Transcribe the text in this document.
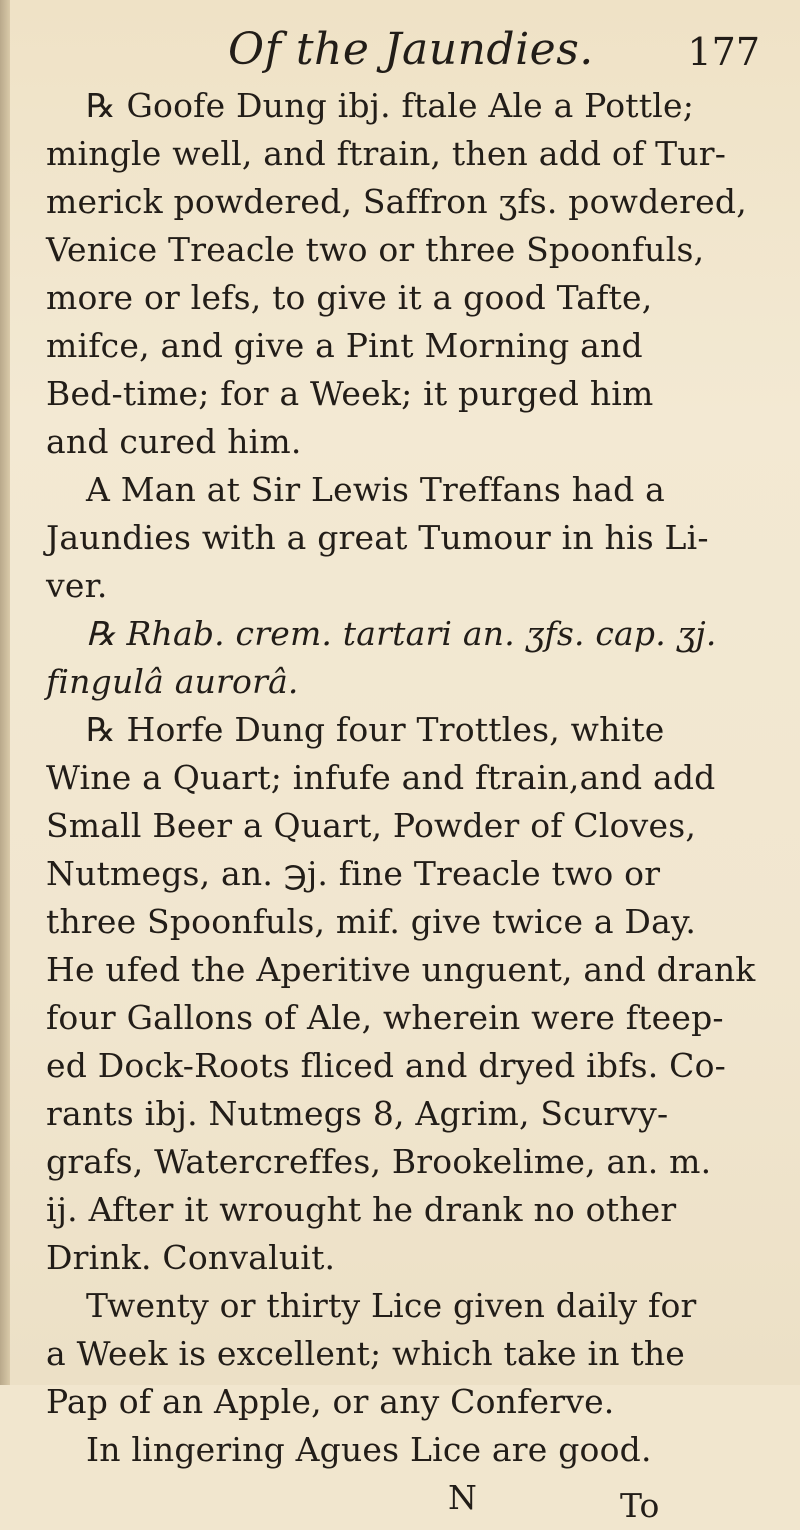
Of the Jaundies. 177
℞ Goofe Dung ibj. ftale Ale a Pottle;
mingle well, and ftrain, then add of Tur-
merick powdered, Saffron ʒfs. powdered,
Venice Treacle two or three Spoonfuls,
more or lefs, to give it a good Tafte,
mifce, and give a Pint Morning and
Bed-time; for a Week; it purged him
and cured him.
A Man at Sir Lewis Treffans had a
Jaundies with a great Tumour in his Li-
ver.
℞ Rhab. crem. tartari an. ʒfs. cap. ʒj.
fingulâ aurorâ.
℞ Horfe Dung four Trottles, white
Wine a Quart; infufe and ftrain,and add
Small Beer a Quart, Powder of Cloves,
Nutmegs, an. ℈j. fine Treacle two or
three Spoonfuls, mif. give twice a Day.
He ufed the Aperitive unguent, and drank
four Gallons of Ale, wherein were fteep-
ed Dock-Roots fliced and dryed ibfs. Co-
rants ibj. Nutmegs 8, Agrim, Scurvy-
grafs, Watercreffes, Brookelime, an. m.
ij. After it wrought he drank no other
Drink. Convaluit.
Twenty or thirty Lice given daily for
a Week is excellent; which take in the
Pap of an Apple, or any Conferve.
In lingering Agues Lice are good.
N	To
